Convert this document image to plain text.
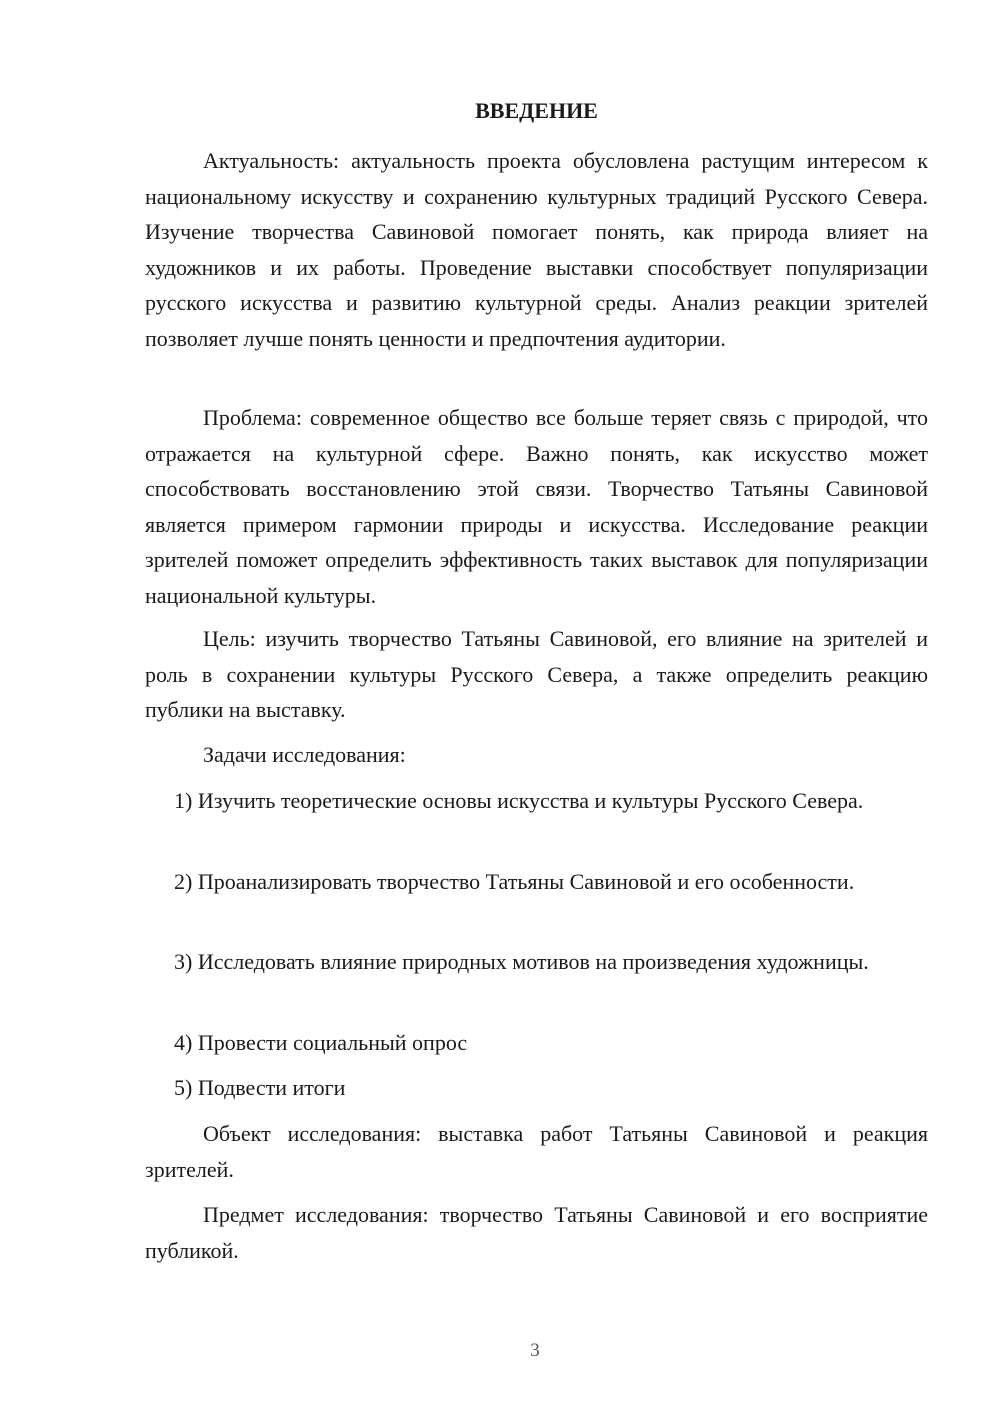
ВВЕДЕНИЕ

Актуальность: актуальность проекта обусловлена растущим интересом к национальному искусству и сохранению культурных традиций Русского Севера. Изучение творчества Савиновой помогает понять, как природа влияет на художников и их работы. Проведение выставки способствует популяризации русского искусства и развитию культурной среды. Анализ реакции зрителей позволяет лучше понять ценности и предпочтения аудитории.

Проблема: современное общество все больше теряет связь с природой, что отражается на культурной сфере. Важно понять, как искусство может способствовать восстановлению этой связи. Творчество Татьяны Савиновой является примером гармонии природы и искусства. Исследование реакции зрителей поможет определить эффективность таких выставок для популяризации национальной культуры.

Цель: изучить творчество Татьяны Савиновой, его влияние на зрителей и роль в сохранении культуры Русского Севера, а также определить реакцию публики на выставку.

Задачи исследования:

1) Изучить теоретические основы искусства и культуры Русского Севера.

2) Проанализировать творчество Татьяны Савиновой и его особенности.

3) Исследовать влияние природных мотивов на произведения художницы.

4) Провести социальный опрос

5) Подвести итоги

Объект исследования: выставка работ Татьяны Савиновой и реакция зрителей.

Предмет исследования: творчество Татьяны Савиновой и его восприятие публикой.

3
